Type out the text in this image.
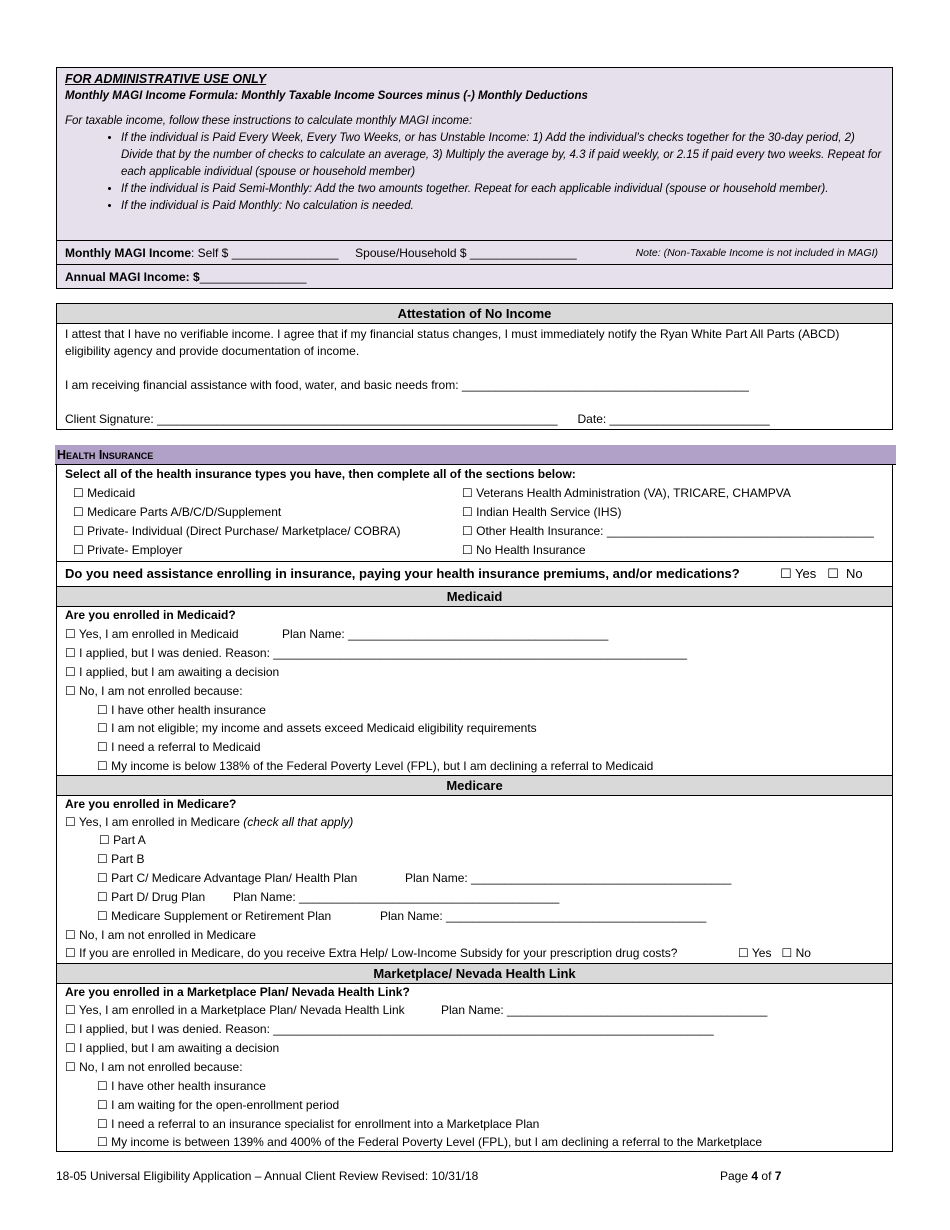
FOR ADMINISTRATIVE USE ONLY
Monthly MAGI Income Formula: Monthly Taxable Income Sources minus (-) Monthly Deductions
For taxable income, follow these instructions to calculate monthly MAGI income:
• If the individual is Paid Every Week, Every Two Weeks, or has Unstable Income: 1) Add the individual’s checks together for the 30-day period, 2) Divide that by the number of checks to calculate an average, 3) Multiply the average by, 4.3 if paid weekly, or 2.15 if paid every two weeks. Repeat for each applicable individual (spouse or household member)
• If the individual is Paid Semi-Monthly: Add the two amounts together. Repeat for each applicable individual (spouse or household member).
• If the individual is Paid Monthly: No calculation is needed.
Monthly MAGI Income: Self $ ________________ Spouse/Household $ ________________	Note: (Non-Taxable Income is not included in MAGI)
Annual MAGI Income: $________________
Attestation of No Income
I attest that I have no verifiable income. I agree that if my financial status changes, I must immediately notify the Ryan White Part All Parts (ABCD) eligibility agency and provide documentation of income.
I am receiving financial assistance with food, water, and basic needs from: ___________________________________________
Client Signature: ____________________________________________________________ Date: ________________________
Health Insurance
Select all of the health insurance types you have, then complete all of the sections below:
☐ Medicaid
☐ Medicare Parts A/B/C/D/Supplement
☐ Private- Individual (Direct Purchase/ Marketplace/ COBRA)
☐ Private- Employer
☐ Veterans Health Administration (VA), TRICARE, CHAMPVA
☐ Indian Health Service (IHS)
☐ Other Health Insurance: ________________________________________
☐ No Health Insurance
Do you need assistance enrolling in insurance, paying your health insurance premiums, and/or medications?	☐ Yes ☐ No
Medicaid
Are you enrolled in Medicaid?
☐ Yes, I am enrolled in Medicaid	Plan Name: _______________________________________
☐ I applied, but I was denied. Reason: ______________________________________________________________
☐ I applied, but I am awaiting a decision
☐ No, I am not enrolled because:
☐ I have other health insurance
☐ I am not eligible; my income and assets exceed Medicaid eligibility requirements
☐ I need a referral to Medicaid
☐ My income is below 138% of the Federal Poverty Level (FPL), but I am declining a referral to Medicaid
Medicare
Are you enrolled in Medicare?
☐ Yes, I am enrolled in Medicare (check all that apply)
☐ Part A
☐ Part B
☐ Part C/ Medicare Advantage Plan/ Health Plan	Plan Name: _______________________________________
☐ Part D/ Drug Plan Plan Name: _______________________________________
☐ Medicare Supplement or Retirement Plan	Plan Name: _______________________________________
☐ No, I am not enrolled in Medicare
☐ If you are enrolled in Medicare, do you receive Extra Help/ Low-Income Subsidy for your prescription drug costs?	☐ Yes ☐ No
Marketplace/ Nevada Health Link
Are you enrolled in a Marketplace Plan/ Nevada Health Link?
☐ Yes, I am enrolled in a Marketplace Plan/ Nevada Health Link	Plan Name: _______________________________________
☐ I applied, but I was denied. Reason: __________________________________________________________________
☐ I applied, but I am awaiting a decision
☐ No, I am not enrolled because:
☐ I have other health insurance
☐ I am waiting for the open-enrollment period
☐ I need a referral to an insurance specialist for enrollment into a Marketplace Plan
☐ My income is between 139% and 400% of the Federal Poverty Level (FPL), but I am declining a referral to the Marketplace
18-05 Universal Eligibility Application – Annual Client Review Revised: 10/31/18	Page 4 of 7
